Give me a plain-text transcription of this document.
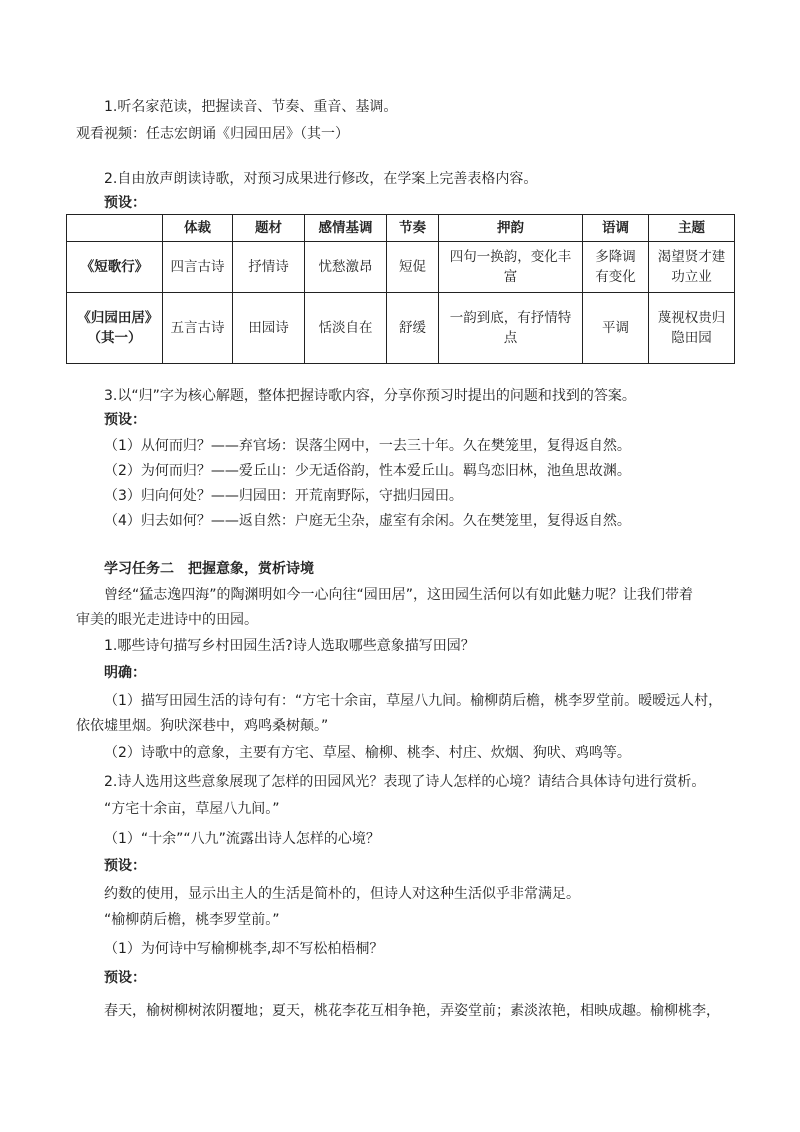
1.听名家范读，把握读音、节奏、重音、基调。
观看视频：任志宏朗诵《归园田居》（其一）
2.自由放声朗读诗歌，对预习成果进行修改，在学案上完善表格内容。
预设：
	体裁	题材	感情基调	节奏	押韵	语调	主题
《短歌行》	四言古诗	抒情诗	忧愁激昂	短促	四句一换韵，变化丰富	多降调有变化	渴望贤才建功立业
《归园田居》（其一）	五言古诗	田园诗	恬淡自在	舒缓	一韵到底，有抒情特点	平调	蔑视权贵归隐田园
3.以“归”字为核心解题，整体把握诗歌内容，分享你预习时提出的问题和找到的答案。
预设：
（1）从何而归？——弃官场：误落尘网中，一去三十年。久在樊笼里，复得返自然。
（2）为何而归？——爱丘山：少无适俗韵，性本爱丘山。羁鸟恋旧林，池鱼思故渊。
（3）归向何处？——归园田：开荒南野际，守拙归园田。
（4）归去如何？——返自然：户庭无尘杂，虚室有余闲。久在樊笼里，复得返自然。
学习任务二　把握意象，赏析诗境
曾经“猛志逸四海”的陶渊明如今一心向往“园田居”，这田园生活何以有如此魅力呢？让我们带着
审美的眼光走进诗中的田园。
1.哪些诗句描写乡村田园生活?诗人选取哪些意象描写田园？
明确：
（1）描写田园生活的诗句有：“方宅十余亩，草屋八九间。榆柳荫后檐，桃李罗堂前。暧暧远人村，
依依墟里烟。狗吠深巷中，鸡鸣桑树颠。”
（2）诗歌中的意象，主要有方宅、草屋、榆柳、桃李、村庄、炊烟、狗吠、鸡鸣等。
2.诗人选用这些意象展现了怎样的田园风光？表现了诗人怎样的心境？请结合具体诗句进行赏析。
“方宅十余亩，草屋八九间。”
（1）“十余”“八九”流露出诗人怎样的心境？
预设：
约数的使用，显示出主人的生活是简朴的，但诗人对这种生活似乎非常满足。
“榆柳荫后檐，桃李罗堂前。”
（1）为何诗中写榆柳桃李,却不写松柏梧桐？
预设：
春天，榆树柳树浓阴覆地；夏天，桃花李花互相争艳，弄姿堂前；素淡浓艳，相映成趣。榆柳桃李，
